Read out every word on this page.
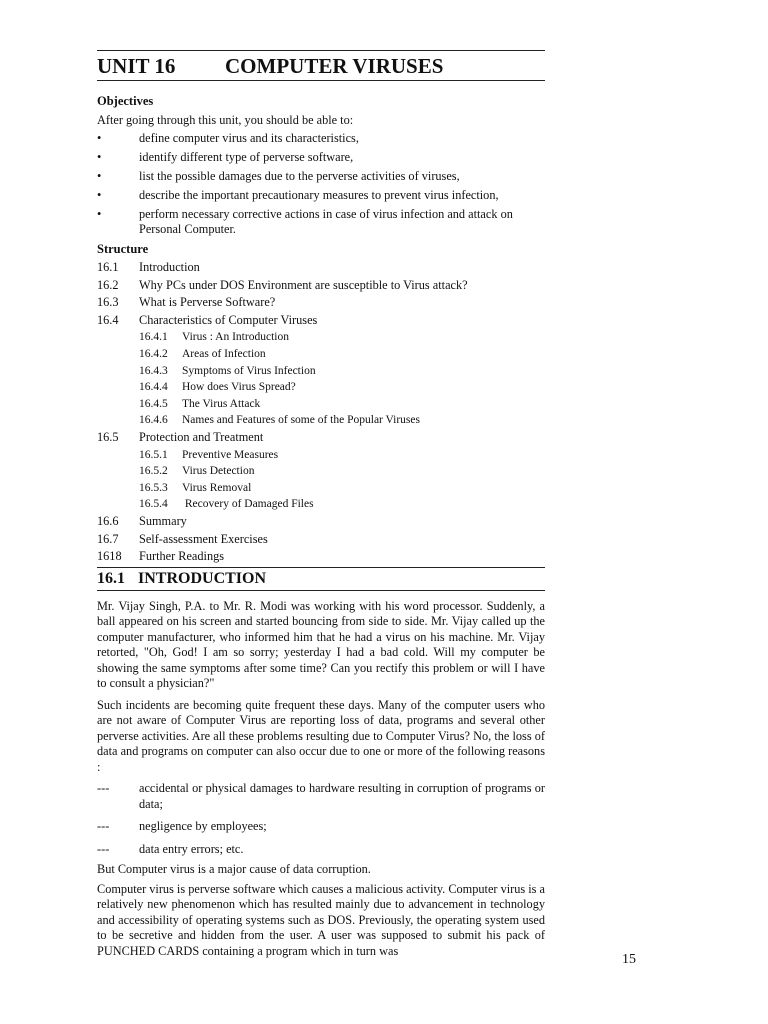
UNIT 16	COMPUTER VIRUSES
Objectives
After going through this unit, you should be able to:
•	define computer virus and its characteristics,
•	identify different type of perverse software,
•	list the possible damages due to the perverse activities of viruses,
•	describe the important precautionary measures to prevent virus infection,
•	perform necessary corrective actions in case of virus infection and attack on Personal Computer.
Structure
16.1	Introduction
16.2	Why PCs under DOS Environment are susceptible to Virus attack?
16.3	What is Perverse Software?
16.4	Characteristics of Computer Viruses
16.4.1	Virus : An Introduction
16.4.2	Areas of Infection
16.4.3	Symptoms of Virus Infection
16.4.4	How does Virus Spread?
16.4.5	The Virus Attack
16.4.6	Names and Features of some of the Popular Viruses
16.5	Protection and Treatment
16.5.1	Preventive Measures
16.5.2	Virus Detection
16.5.3	Virus Removal
16.5.4	Recovery of Damaged Files
16.6	Summary
16.7	Self-assessment Exercises
1618	Further Readings
16.1 INTRODUCTION
Mr. Vijay Singh, P.A. to Mr. R. Modi was working with his word processor. Suddenly, a ball appeared on his screen and started bouncing from side to side. Mr. Vijay called up the computer manufacturer, who informed him that he had a virus on his machine. Mr. Vijay retorted, "Oh, God! I am so sorry; yesterday I had a bad cold. Will my computer be showing the same symptoms after some time? Can you rectify this problem or will I have to consult a physician?"
Such incidents are becoming quite frequent these days. Many of the computer users who are not aware of Computer Virus are reporting loss of data, programs and several other perverse activities. Are all these problems resulting due to Computer Virus? No, the loss of data and programs on computer can also occur due to one or more of the following reasons :
---	accidental or physical damages to hardware resulting in corruption of programs or data;
---	negligence by employees;
---	data entry errors; etc.
But Computer virus is a major cause of data corruption.
Computer virus is perverse software which causes a malicious activity. Computer virus is a relatively new phenomenon which has resulted mainly due to advancement in technology and accessibility of operating systems such as DOS. Previously, the operating system used to be secretive and hidden from the user. A user was supposed to submit his pack of PUNCHED CARDS containing a program which in turn was
15
